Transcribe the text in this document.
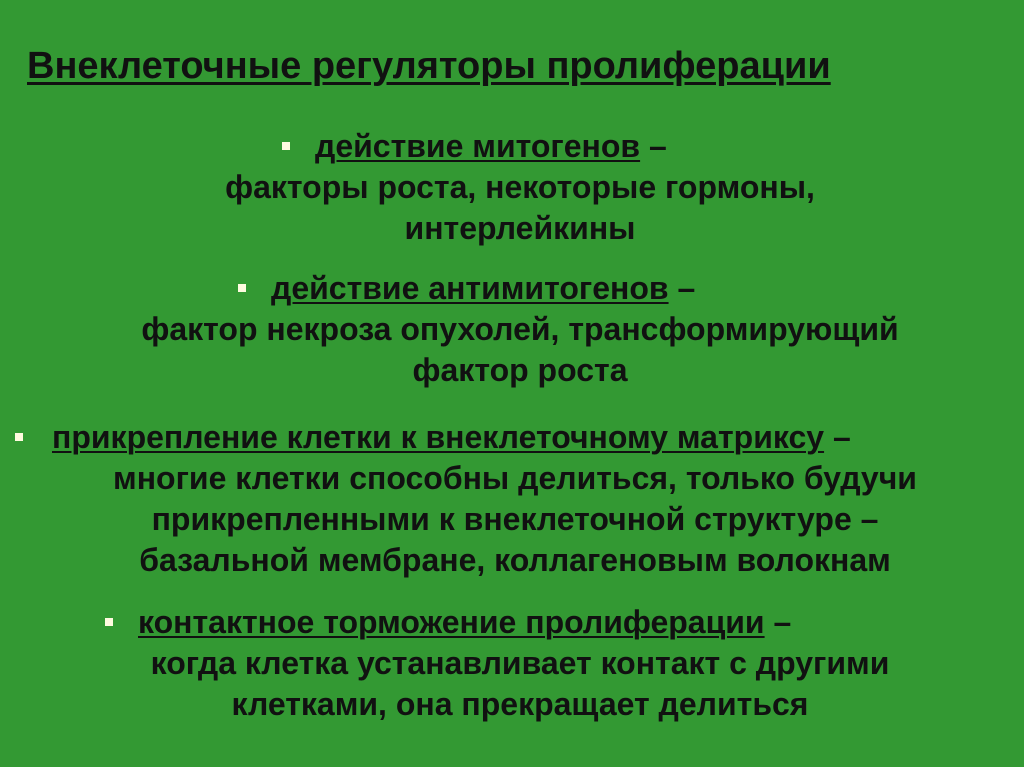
Внеклеточные регуляторы пролиферации
действие митогенов –
факторы роста, некоторые гормоны,
интерлейкины
действие антимитогенов –
фактор некроза опухолей, трансформирующий
фактор роста
прикрепление клетки к внеклеточному матриксу –
многие клетки способны делиться, только будучи
прикрепленными к внеклеточной структуре –
базальной мембране, коллагеновым волокнам
контактное торможение пролиферации –
когда клетка устанавливает контакт с другими
клетками, она прекращает делиться
